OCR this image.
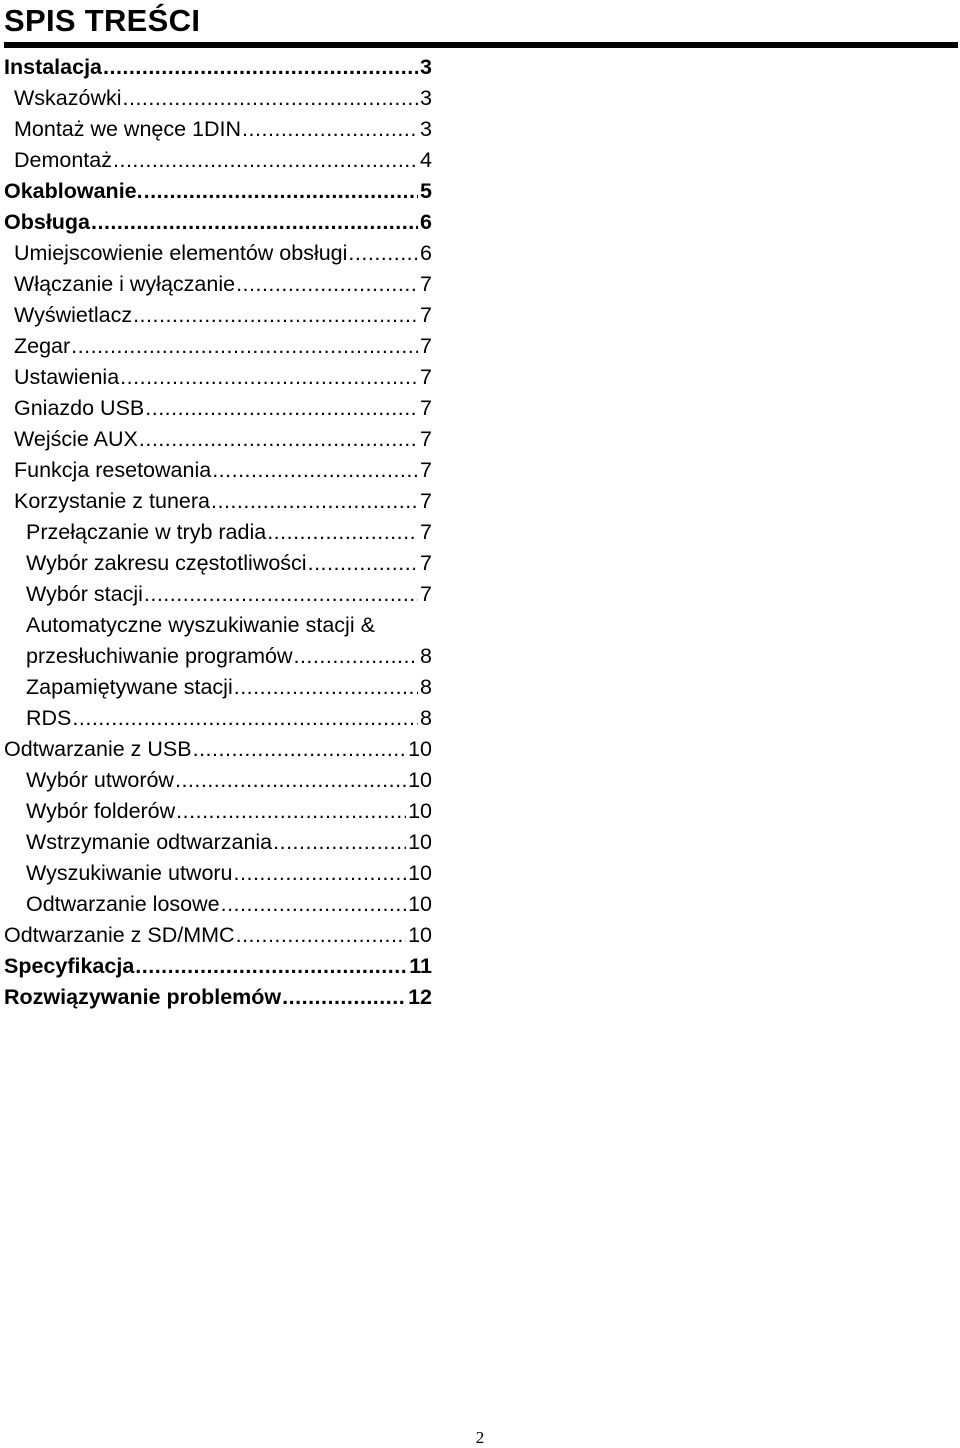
SPIS TREŚCI
Instalacja .....	3
Wskazówki .....	3
Montaż we wnęce 1DIN .....	3
Demontaż .....	4
Okablowanie. .....	5
Obsługa .....	6
Umiejscowienie elementów obsługi .....	6
Włączanie i wyłączanie .....	7
Wyświetlacz .....	7
Zegar .....	7
Ustawienia .....	7
Gniazdo USB .....	7
Wejście AUX .....	7
Funkcja resetowania .....	7
Korzystanie z tunera .....	7
Przełączanie w tryb radia .....	7
Wybór zakresu częstotliwości .....	7
Wybór stacji .....	7
Automatyczne wyszukiwanie stacji &
przesłuchiwanie programów .....	8
Zapamiętywane stacji .....	8
RDS .....	8
Odtwarzanie z USB .....	10
Wybór utworów .....	10
Wybór folderów .....	10
Wstrzymanie odtwarzania .....	10
Wyszukiwanie utworu .....	10
Odtwarzanie losowe .....	10
Odtwarzanie z SD/MMC .....	10
Specyfikacja .....	11
Rozwiązywanie problemów .....	12
2
